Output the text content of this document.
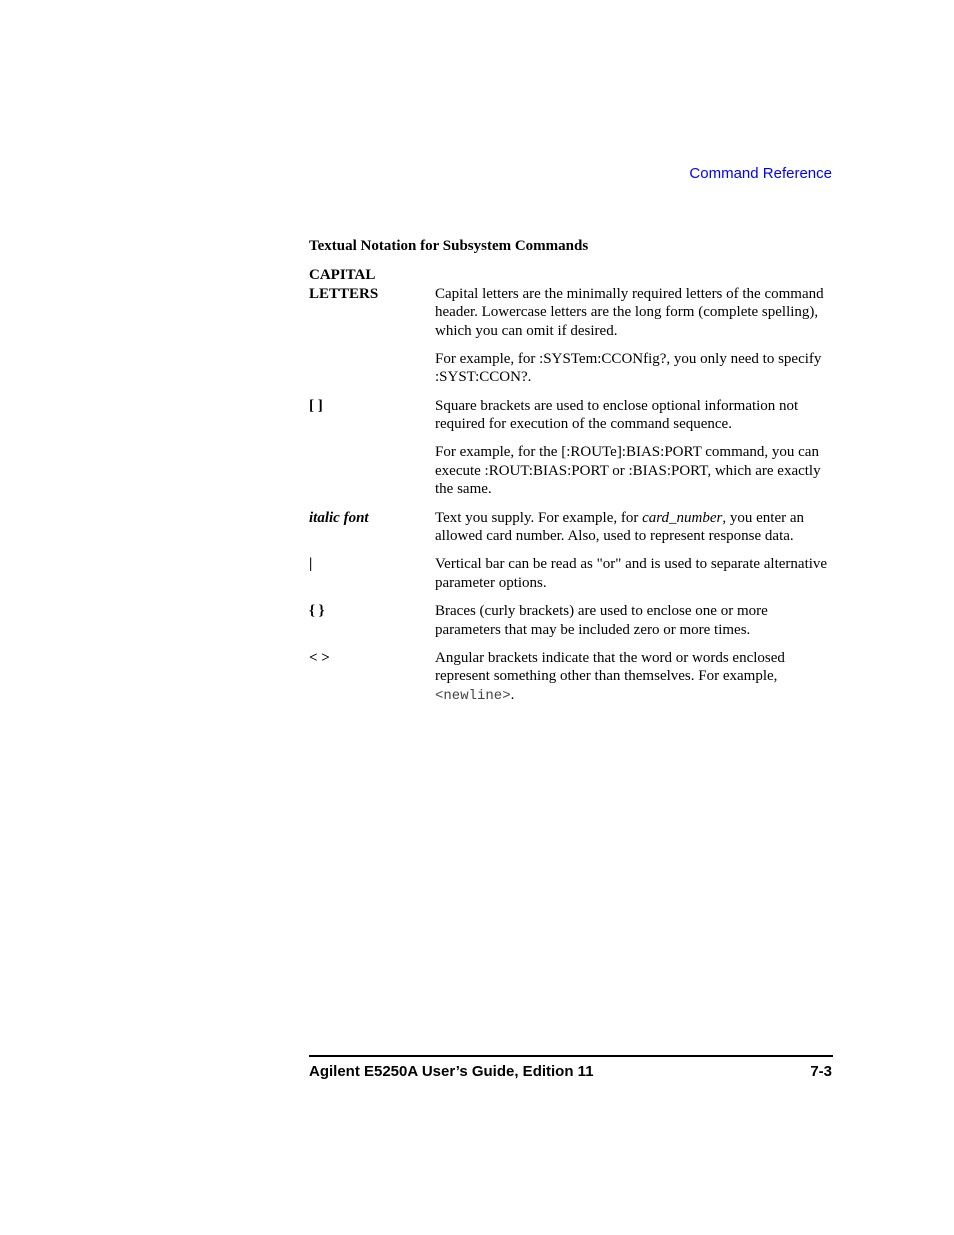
Command Reference
Textual Notation for Subsystem Commands
CAPITAL

LETTERS	Capital letters are the minimally required letters of the command header. Lowercase letters are the long form (complete spelling), which you can omit if desired.

For example, for :SYSTem:CCONfig?, you only need to specify :SYST:CCON?.

[ ]	Square brackets are used to enclose optional information not required for execution of the command sequence.

For example, for the [:ROUTe]:BIAS:PORT command, you can execute :ROUT:BIAS:PORT or :BIAS:PORT, which are exactly the same.

italic font	Text you supply. For example, for card_number, you enter an allowed card number. Also, used to represent response data.

|	Vertical bar can be read as "or" and is used to separate alternative parameter options.

{ }	Braces (curly brackets) are used to enclose one or more parameters that may be included zero or more times.

< >	Angular brackets indicate that the word or words enclosed represent something other than themselves. For example, <newline>.

Agilent E5250A User’s Guide, Edition 11	7-3
